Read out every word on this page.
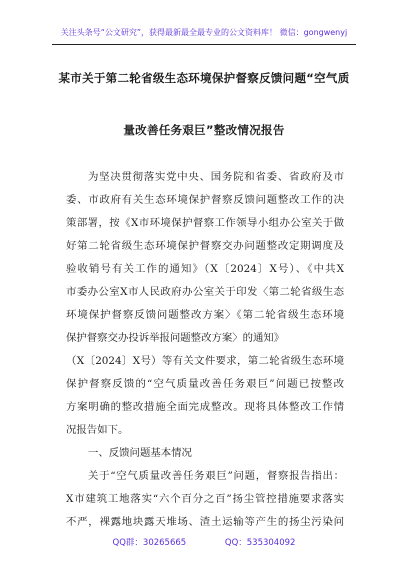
关注头条号“公文研究”，获得最新最全最专业的公文资料库！ 微信：gongwenyj
某市关于第二轮省级生态环境保护督察反馈问题“空气质
量改善任务艰巨”整改情况报告
为坚决贯彻落实党中央、国务院和省委、省政府及市
委、市政府有关生态环境保护督察反馈问题整改工作的决
策部署，按《X市环境保护督察工作领导小组办公室关于做
好第二轮省级生态环境保护督察交办问题整改定期调度及
验收销号有关工作的通知》（X〔2024〕X号）、《中共X
市委办公室X市人民政府办公室关于印发〈第二轮省级生态
环境保护督察反馈问题整改方案〉《第二轮省级生态环境
保护督察交办投诉举报问题整改方案〉的通知》
（X〔2024〕X号）等有关文件要求，第二轮省级生态环境
保护督察反馈的“空气质量改善任务艰巨”问题已按整改
方案明确的整改措施全面完成整改。现将具体整改工作情
况报告如下。
一、反馈问题基本情况
关于“空气质量改善任务艰巨”问题，督察报告指出：
X市建筑工地落实“六个百分之百”扬尘管控措施要求落实
不严，裸露地块露天堆场、渣土运输等产生的扬尘污染问
QQ群：30265665	QQ：535304092
